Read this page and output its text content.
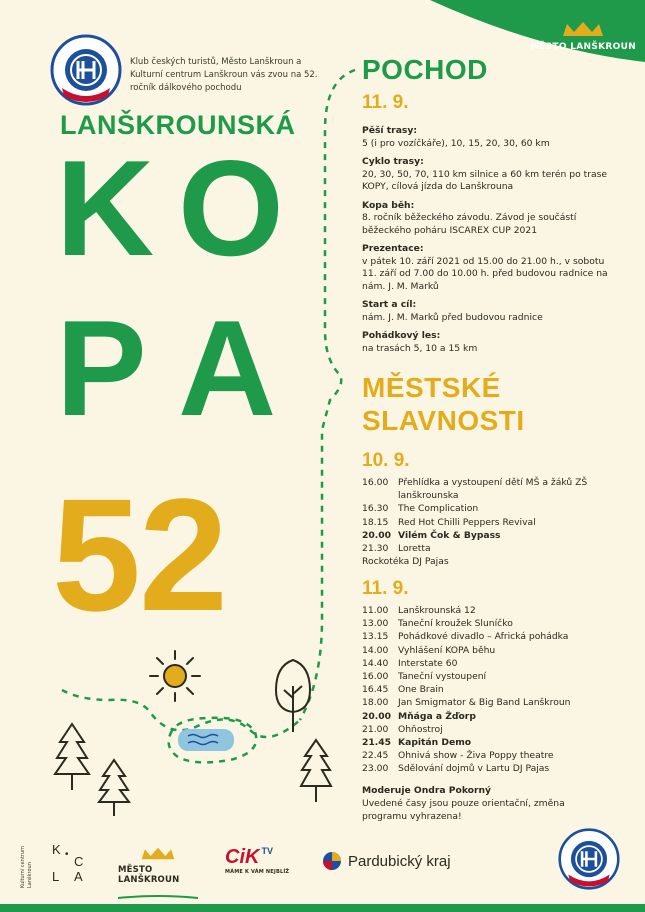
MĚSTO LANŠKROUN
Klub českých turistů, Město Lanškroun a Kulturní centrum Lanškroun vás zvou na 52. ročník dálkového pochodu
LANŠKROUNSKÁ
K O
P A
52
POCHOD
11. 9.
Pěší trasy:
5 (i pro vozíčkáře), 10, 15, 20, 30, 60 km
Cyklo trasy:
20, 30, 50, 70, 110 km silnice a 60 km terén po trase KOPY, cílová jízda do Lanškrouna
Kopa běh:
8. ročník běžeckého závodu. Závod je součástí běžeckého poháru ISCAREX CUP 2021
Prezentace:
v pátek 10. září 2021 od 15.00 do 21.00 h., v sobotu 11. září od 7.00 do 10.00 h. před budovou radnice na nám. J. M. Marků
Start a cíl:
nám. J. M. Marků před budovou radnice
Pohádkový les:
na trasách 5, 10 a 15 km
MĚSTSKÉ
SLAVNOSTI
10. 9.
16.00	Přehlídka a vystoupení dětí MŠ a žáků ZŠ lanškrounska
16.30	The Complication
18.15	Red Hot Chilli Peppers Revival
20.00 Vilém Čok & Bypass
21.30	Loretta
Rockotéka DJ Pajas
11. 9.
11.00	Lanškrounská 12
13.00	Taneční kroužek Sluníčko
13.15	Pohádkové divadlo – Africká pohádka
14.00	Vyhlášení KOPA běhu
14.40	Interstate 60
16.00	Taneční vystoupení
16.45	One Brain
18.00	Jan Smigmator & Big Band Lanškroun
20.00 Mňága a Žďorp
21.00	Ohňostroj
21.45 Kapitán Demo
22.45	Ohnivá show - Živa Poppy theatre
23.00	Sdělování dojmů v Lartu DJ Pajas
Moderuje Ondra Pokorný
Uvedené časy jsou pouze orientační, změna programu vyhrazena!
Kulturní centrum Lanškroun
K • C
L A	MĚSTO LANŠKROUN
CiK $^{TV}$
MÁME K VÁM NEJBLÍŽ
Pardubický kraj
